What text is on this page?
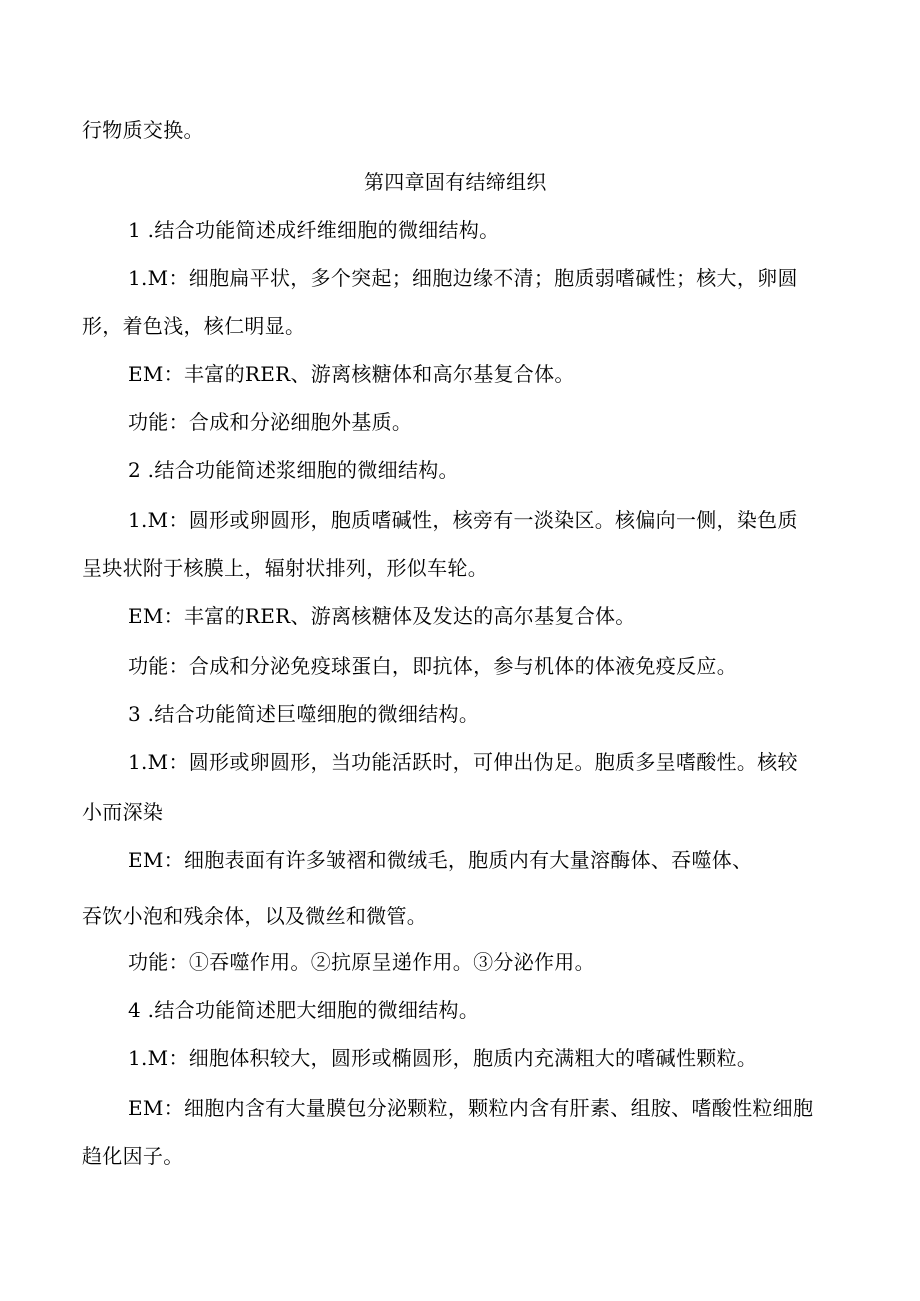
行物质交换。
第四章固有结缔组织
1 .结合功能简述成纤维细胞的微细结构。
1.M：细胞扁平状，多个突起；细胞边缘不清；胞质弱嗜碱性；核大，卵圆
形，着色浅，核仁明显。
EM：丰富的RER、游离核糖体和高尔基复合体。
功能：合成和分泌细胞外基质。
2 .结合功能简述浆细胞的微细结构。
1.M：圆形或卵圆形，胞质嗜碱性，核旁有一淡染区。核偏向一侧，染色质
呈块状附于核膜上，辐射状排列，形似车轮。
EM：丰富的RER、游离核糖体及发达的高尔基复合体。
功能：合成和分泌免疫球蛋白，即抗体，参与机体的体液免疫反应。
3 .结合功能简述巨噬细胞的微细结构。
1.M：圆形或卵圆形，当功能活跃时，可伸出伪足。胞质多呈嗜酸性。核较
小而深染
EM：细胞表面有许多皱褶和微绒毛，胞质内有大量溶酶体、吞噬体、
吞饮小泡和残余体，以及微丝和微管。
功能：①吞噬作用。②抗原呈递作用。③分泌作用。
4 .结合功能简述肥大细胞的微细结构。
1.M：细胞体积较大，圆形或椭圆形，胞质内充满粗大的嗜碱性颗粒。
EM：细胞内含有大量膜包分泌颗粒，颗粒内含有肝素、组胺、嗜酸性粒细胞
趋化因子。
